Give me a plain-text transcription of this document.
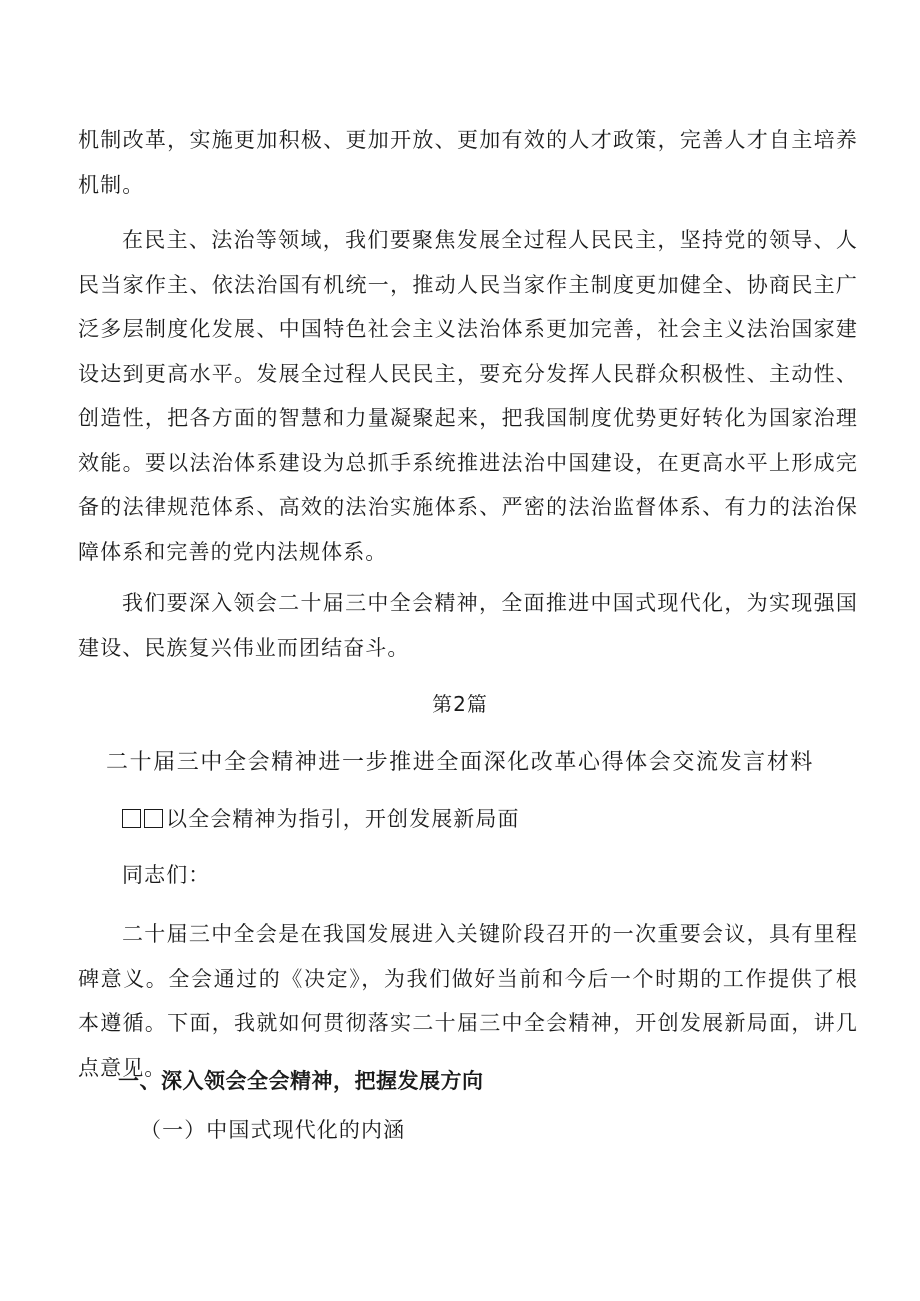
机制改革，实施更加积极、更加开放、更加有效的人才政策，完善人才自主培养机制。

在民主、法治等领域，我们要聚焦发展全过程人民民主，坚持党的领导、人民当家作主、依法治国有机统一，推动人民当家作主制度更加健全、协商民主广泛多层制度化发展、中国特色社会主义法治体系更加完善，社会主义法治国家建设达到更高水平。发展全过程人民民主，要充分发挥人民群众积极性、主动性、创造性，把各方面的智慧和力量凝聚起来，把我国制度优势更好转化为国家治理效能。要以法治体系建设为总抓手系统推进法治中国建设，在更高水平上形成完备的法律规范体系、高效的法治实施体系、严密的法治监督体系、有力的法治保障体系和完善的党内法规体系。

我们要深入领会二十届三中全会精神，全面推进中国式现代化，为实现强国建设、民族复兴伟业而团结奋斗。

第2篇

二十届三中全会精神进一步推进全面深化改革心得体会交流发言材料

以全会精神为指引，开创发展新局面

同志们：

二十届三中全会是在我国发展进入关键阶段召开的一次重要会议，具有里程碑意义。全会通过的《决定》，为我们做好当前和今后一个时期的工作提供了根本遵循。下面，我就如何贯彻落实二十届三中全会精神，开创发展新局面，讲几点意见。

一、深入领会全会精神，把握发展方向

（一）中国式现代化的内涵
